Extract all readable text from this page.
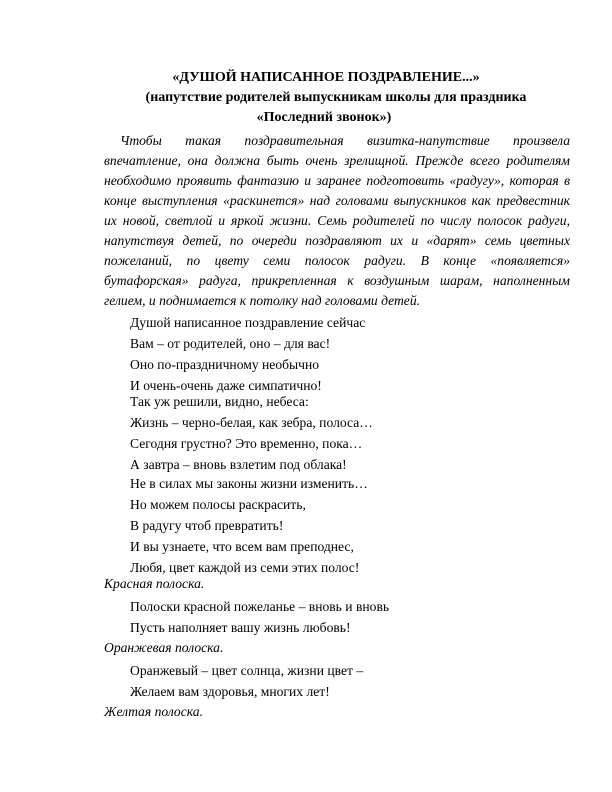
«ДУШОЙ НАПИСАННОЕ ПОЗДРАВЛЕНИЕ...»
(напутствие родителей выпускникам школы для праздника
«Последний звонок»)
Чтобы такая поздравительная визитка-напутствие произвела
впечатление, она должна быть очень зрелищной. Прежде всего родителям
необходимо проявить фантазию и заранее подготовить «радугу», которая в
конце выступления «раскинется» над головами выпускников как предвестник
их новой, светлой и яркой жизни. Семь родителей по числу полосок радуги,
напутствуя детей, по очереди поздравляют их и «дарят» семь цветных
пожеланий, по цвету семи полосок радуги. В конце «появляется»
бутафорская» радуга, прикрепленная к воздушным шарам, наполненным
гелием, и поднимается к потолку над головами детей.
Душой написанное поздравление сейчас
Вам – от родителей, оно – для вас!
Оно по-праздничному необычно
И очень-очень даже симпатично!
Так уж решили, видно, небеса:
Жизнь – черно-белая, как зебра, полоса…
Сегодня грустно? Это временно, пока…
А завтра – вновь взлетим под облака!
Не в силах мы законы жизни изменить…
Но можем полосы раскрасить,
В радугу чтоб превратить!
И вы узнаете, что всем вам преподнес,
Любя, цвет каждой из семи этих полос!
Красная полоска.
Полоски красной пожеланье – вновь и вновь
Пусть наполняет вашу жизнь любовь!
Оранжевая полоска.
Оранжевый – цвет солнца, жизни цвет –
Желаем вам здоровья, многих лет!
Желтая полоска.
